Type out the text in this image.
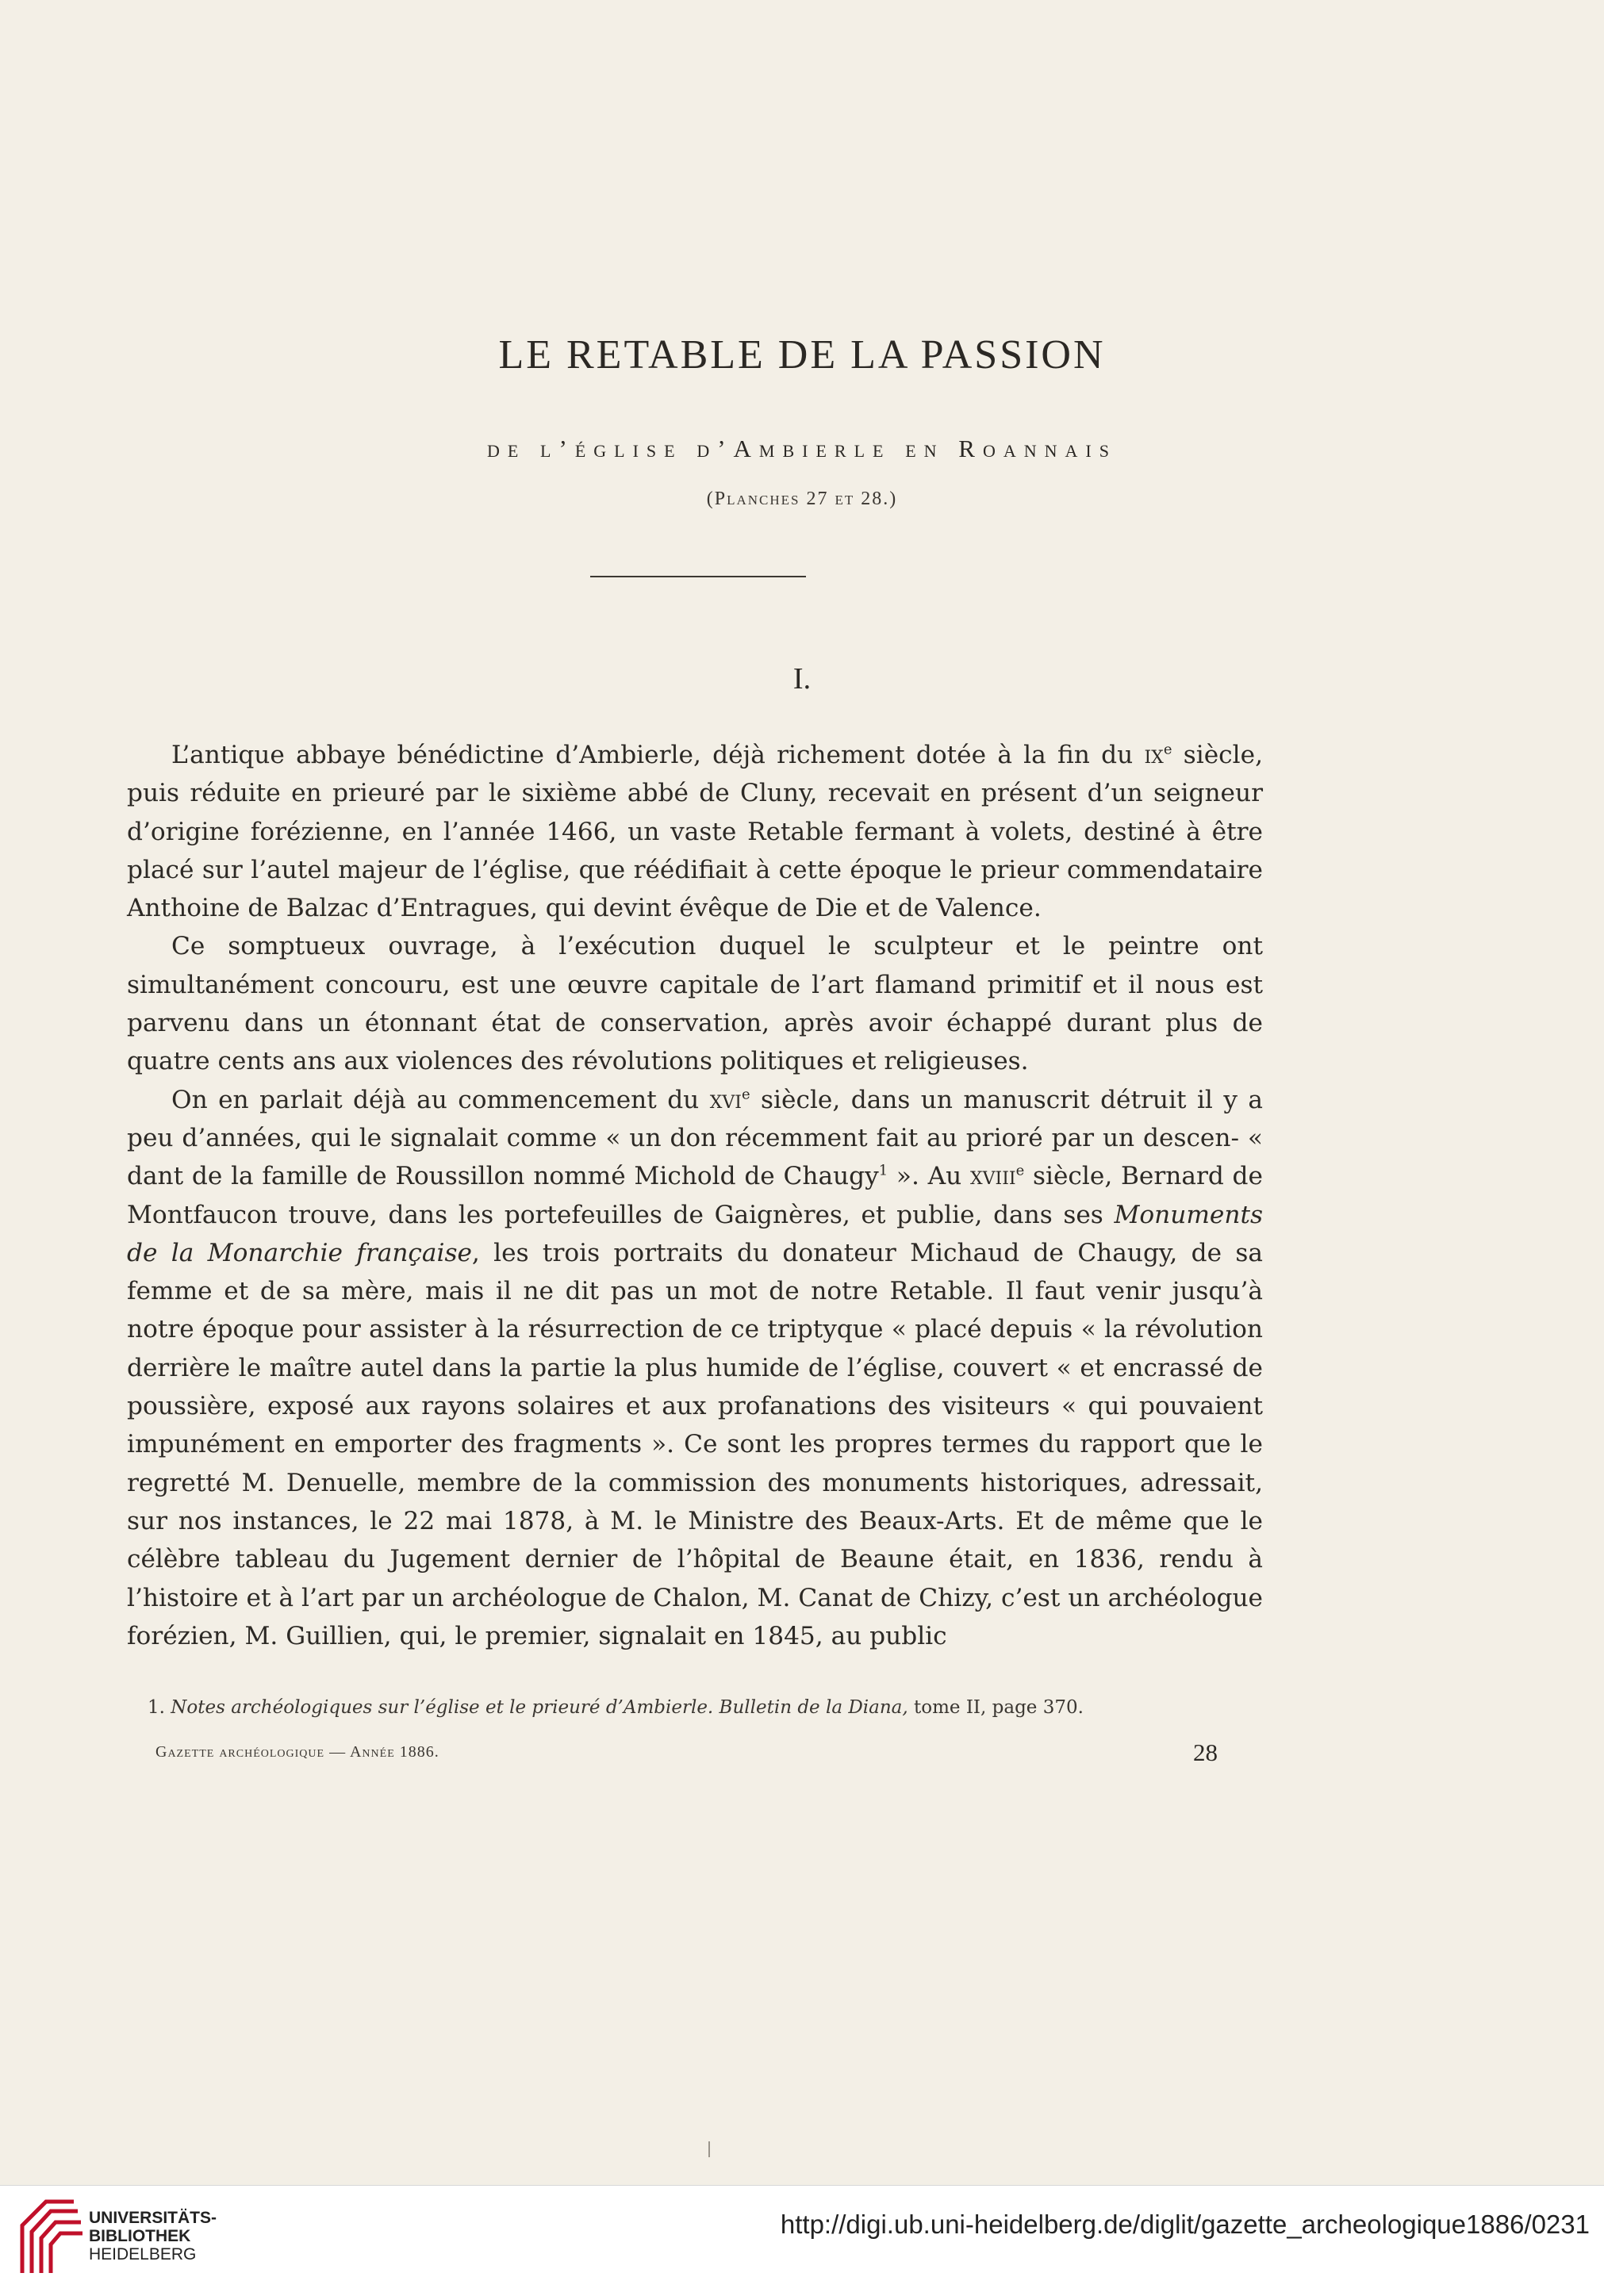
LE RETABLE DE LA PASSION
de l’église d’Ambierle en Roannais
(Planches 27 et 28.)
I.

L’antique abbaye bénédictine d’Ambierle, déjà richement dotée à la fin du $ix^e$ siècle, puis réduite en prieuré par le sixième abbé de Cluny, recevait en présent d’un seigneur d’origine forézienne, en l’année 1466, un vaste Retable fermant à volets, destiné à être placé sur l’autel majeur de l’église, que réédifiait à cette époque le prieur commendataire Anthoine de Balzac d’Entragues, qui devint évêque de Die et de Valence.

Ce somptueux ouvrage, à l’exécution duquel le sculpteur et le peintre ont simultanément concouru, est une œuvre capitale de l’art flamand primitif et il nous est parvenu dans un étonnant état de conservation, après avoir échappé durant plus de quatre cents ans aux violences des révolutions politiques et religieuses.

On en parlait déjà au commencement du xvi$^e$ siècle, dans un manuscrit détruit il y a peu d’années, qui le signalait comme « un don récemment fait au prioré par un descen- « dant de la famille de Roussillon nommé Michold de Chaugy$^1$ ». Au xviii$^e$ siècle, Bernard de Montfaucon trouve, dans les portefeuilles de Gaignères, et publie, dans ses Monuments de la Monarchie française, les trois portraits du donateur Michaud de Chaugy, de sa femme et de sa mère, mais il ne dit pas un mot de notre Retable. Il faut venir jusqu’à notre époque pour assister à la résurrection de ce triptyque « placé depuis « la révolution derrière le maître autel dans la partie la plus humide de l’église, couvert « et encrassé de poussière, exposé aux rayons solaires et aux profanations des visiteurs « qui pouvaient impunément en emporter des fragments ». Ce sont les propres termes du rapport que le regretté M. Denuelle, membre de la commission des monuments historiques, adressait, sur nos instances, le 22 mai 1878, à M. le Ministre des Beaux-Arts. Et de même que le célèbre tableau du Jugement dernier de l’hôpital de Beaune était, en 1836, rendu à l’histoire et à l’art par un archéologue de Chalon, M. Canat de Chizy, c’est un archéologue forézien, M. Guillien, qui, le premier, signalait en 1845, au public

1. Notes archéologiques sur l’église et le prieuré d’Ambierle. Bulletin de la Diana, tome II, page 370.
Gazette archéologique — Année 1886.	28
UNIVERSITÄTS-
BIBLIOTHEK
HEIDELBERG
http://digi.ub.uni-heidelberg.de/diglit/gazette_archeologique1886/0231
